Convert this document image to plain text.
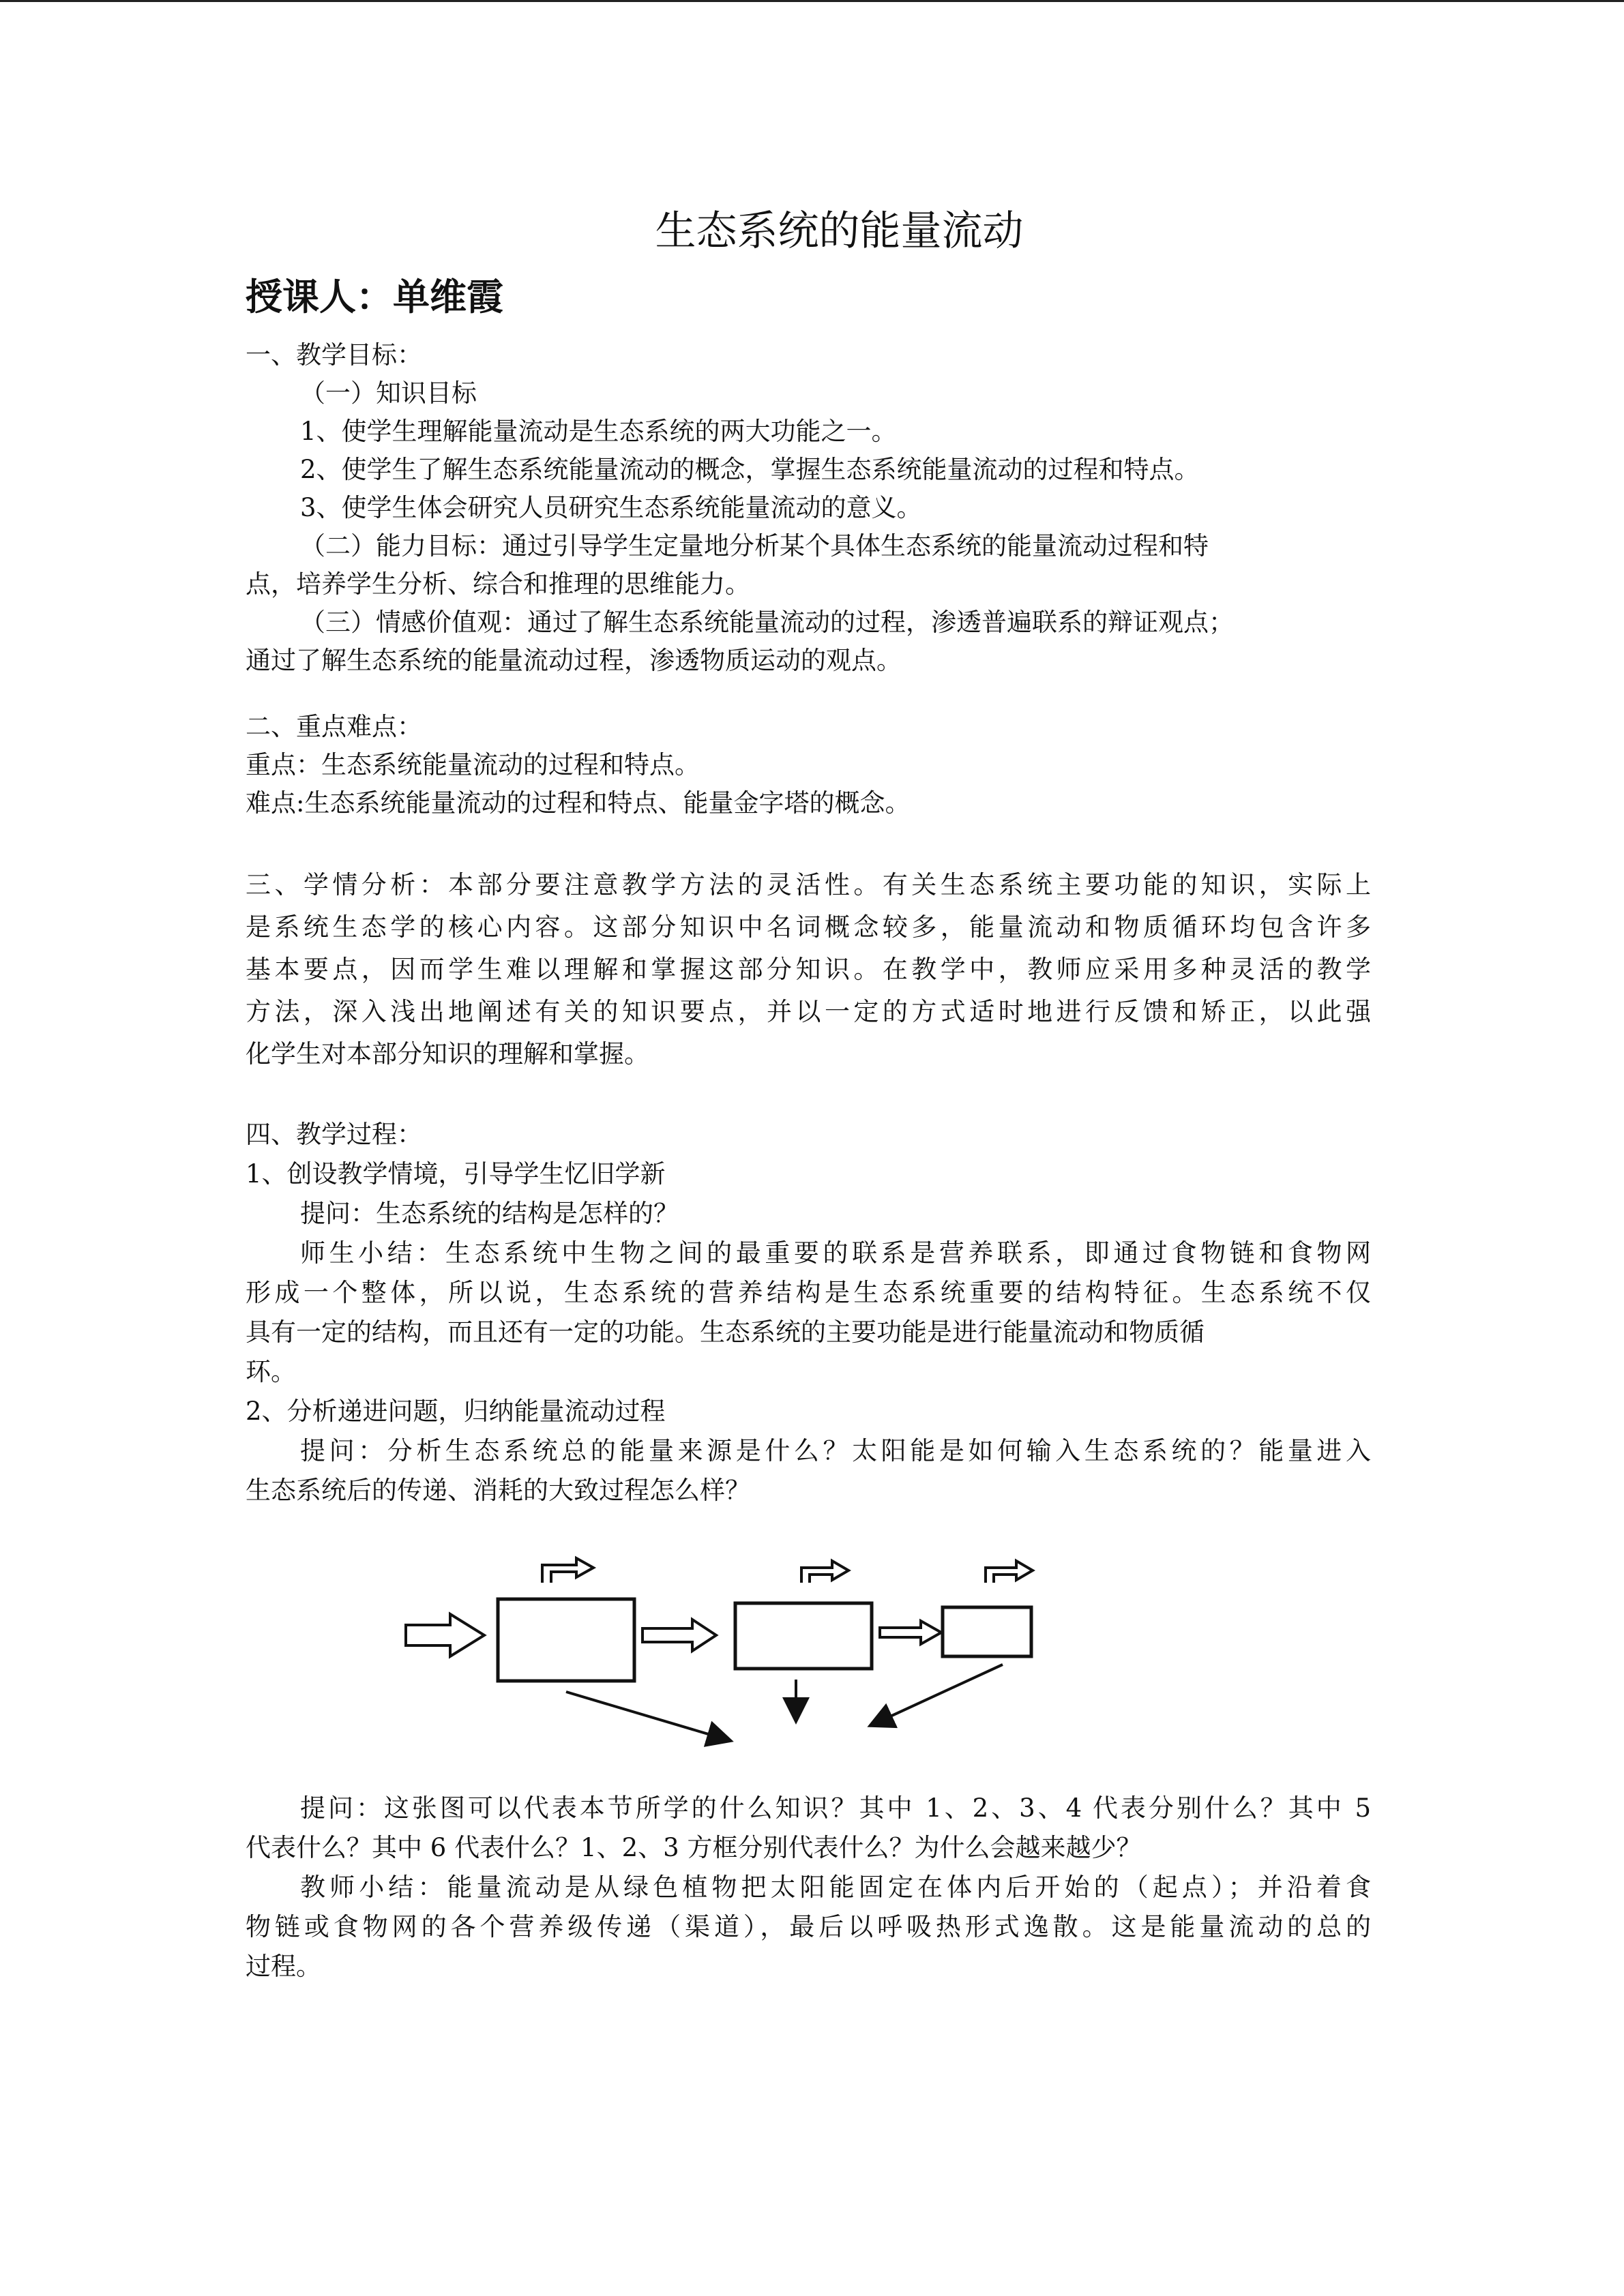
生态系统的能量流动
授课人：单维霞

一、教学目标：

（一）知识目标

1、使学生理解能量流动是生态系统的两大功能之一。

2、使学生了解生态系统能量流动的概念，掌握生态系统能量流动的过程和特点。

3、使学生体会研究人员研究生态系统能量流动的意义。

（二）能力目标：通过引导学生定量地分析某个具体生态系统的能量流动过程和特

点，培养学生分析、综合和推理的思维能力。

（三）情感价值观：通过了解生态系统能量流动的过程，渗透普遍联系的辩证观点；

通过了解生态系统的能量流动过程，渗透物质运动的观点。

二、重点难点：

重点：生态系统能量流动的过程和特点。

难点:生态系统能量流动的过程和特点、能量金字塔的概念。

三、学情分析：本部分要注意教学方法的灵活性。有关生态系统主要功能的知识，实际上

是系统生态学的核心内容。这部分知识中名词概念较多，能量流动和物质循环均包含许多

基本要点，因而学生难以理解和掌握这部分知识。在教学中，教师应采用多种灵活的教学

方法，深入浅出地阐述有关的知识要点，并以一定的方式适时地进行反馈和矫正，以此强

化学生对本部分知识的理解和掌握。

四、教学过程：

1、创设教学情境，引导学生忆旧学新

提问：生态系统的结构是怎样的？

师生小结：生态系统中生物之间的最重要的联系是营养联系，即通过食物链和食物网

形成一个整体，所以说，生态系统的营养结构是生态系统重要的结构特征。生态系统不仅

具有一定的结构，而且还有一定的功能。生态系统的主要功能是进行能量流动和物质循

环。

2、分析递进问题，归纳能量流动过程

提问：分析生态系统总的能量来源是什么？太阳能是如何输入生态系统的？能量进入

生态系统后的传递、消耗的大致过程怎么样？

提问：这张图可以代表本节所学的什么知识？其中 1、2、3、4 代表分别什么？其中 5

代表什么？其中 6 代表什么？1、2、3 方框分别代表什么？为什么会越来越少？

教师小结：能量流动是从绿色植物把太阳能固定在体内后开始的（起点）；并沿着食

物链或食物网的各个营养级传递（渠道），最后以呼吸热形式逸散。这是能量流动的总的

过程。
